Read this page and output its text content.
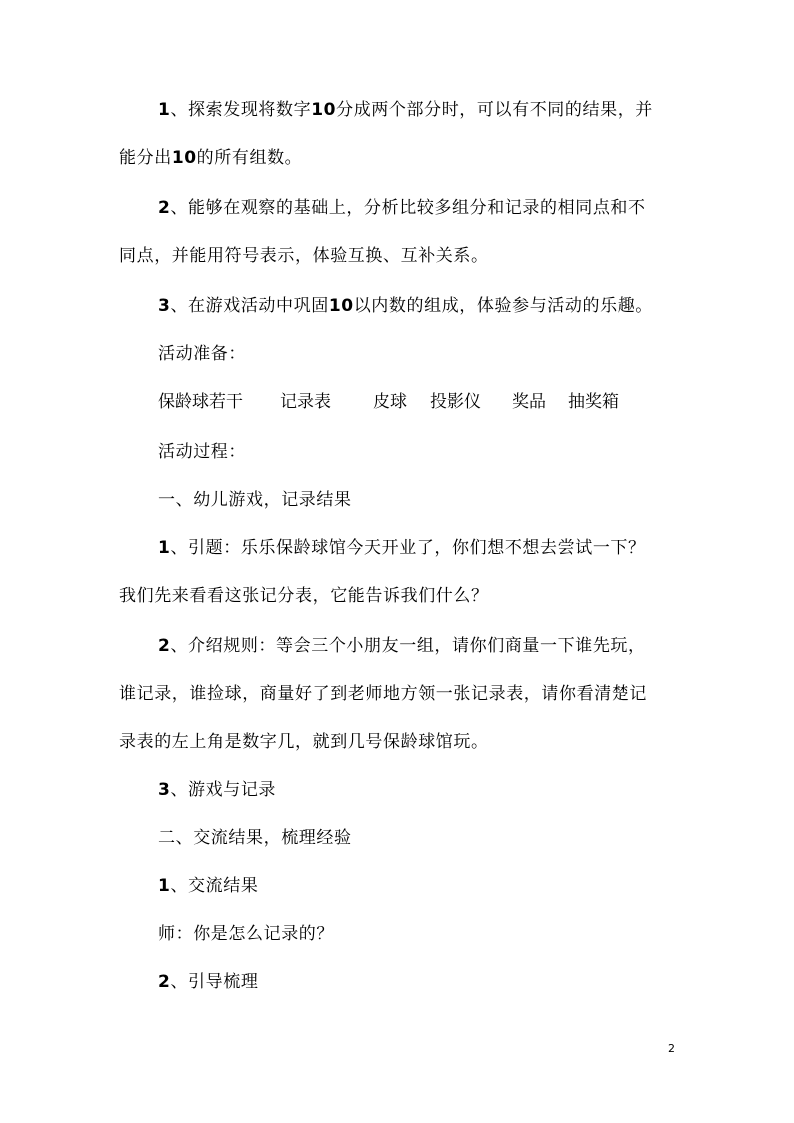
1、探索发现将数字10分成两个部分时，可以有不同的结果，并
能分出10的所有组数。
2、能够在观察的基础上，分析比较多组分和记录的相同点和不
同点，并能用符号表示，体验互换、互补关系。
3、在游戏活动中巩固10以内数的组成，体验参与活动的乐趣。
活动准备：
保龄球若干 记录表 皮球 投影仪 奖品 抽奖箱
活动过程：
一、幼儿游戏，记录结果
1、引题：乐乐保龄球馆今天开业了，你们想不想去尝试一下？
我们先来看看这张记分表，它能告诉我们什么？
2、介绍规则：等会三个小朋友一组，请你们商量一下谁先玩，
谁记录，谁捡球，商量好了到老师地方领一张记录表，请你看清楚记
录表的左上角是数字几，就到几号保龄球馆玩。
3、游戏与记录
二、交流结果，梳理经验
1、交流结果
师：你是怎么记录的？
2、引导梳理
2
